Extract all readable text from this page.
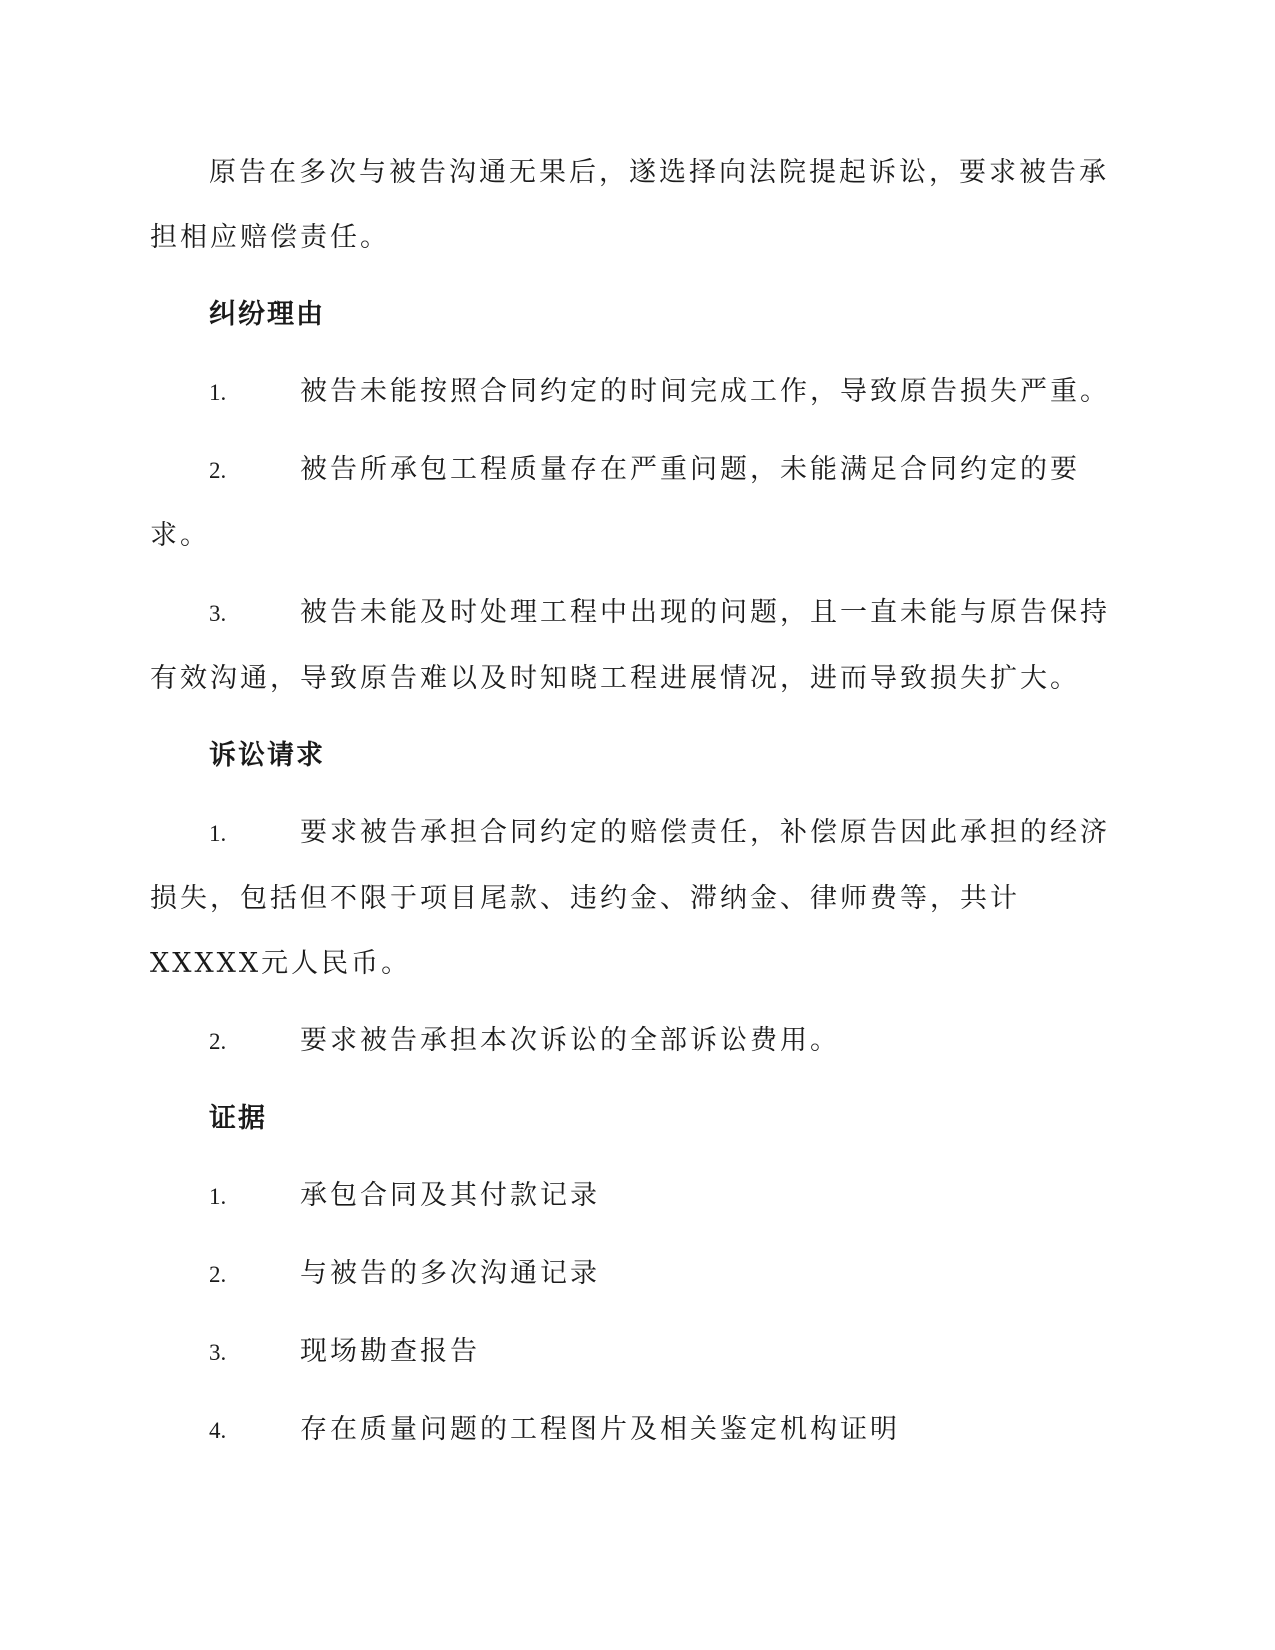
原告在多次与被告沟通无果后，遂选择向法院提起诉讼，要求被告承担相应赔偿责任。

纠纷理由

1.	被告未能按照合同约定的时间完成工作，导致原告损失严重。

2.	被告所承包工程质量存在严重问题，未能满足合同约定的要求。

3.	被告未能及时处理工程中出现的问题，且一直未能与原告保持有效沟通，导致原告难以及时知晓工程进展情况，进而导致损失扩大。

诉讼请求

1.	要求被告承担合同约定的赔偿责任，补偿原告因此承担的经济损失，包括但不限于项目尾款、违约金、滞纳金、律师费等，共计XXXXX元人民币。

2.	要求被告承担本次诉讼的全部诉讼费用。

证据

1.	承包合同及其付款记录

2.	与被告的多次沟通记录

3.	现场勘查报告

4.	存在质量问题的工程图片及相关鉴定机构证明
